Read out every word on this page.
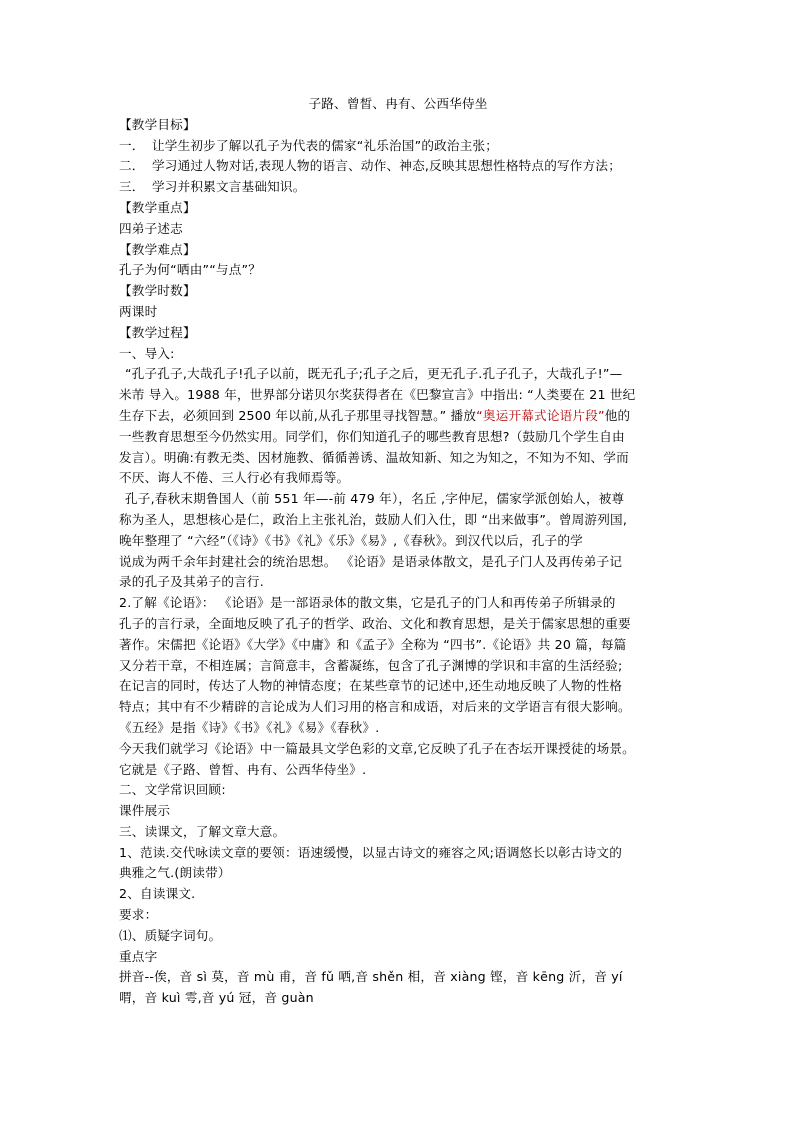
子路、曾皙、冉有、公西华侍坐
【教学目标】
一． 让学生初步了解以孔子为代表的儒家“礼乐治国”的政治主张；
二． 学习通过人物对话,表现人物的语言、动作、神态,反映其思想性格特点的写作方法；
三． 学习并积累文言基础知识。
【教学重点】
四弟子述志
【教学难点】
孔子为何“哂由”“与点”？
【教学时数】
两课时
【教学过程】
一、导入:
“孔子孔子,大哉孔子!孔子以前，既无孔子;孔子之后，更无孔子.孔子孔子，大哉孔子!”—
米芾 导入。1988 年，世界部分诺贝尔奖获得者在《巴黎宣言》中指出: “人类要在 21 世纪
生存下去，必须回到 2500 年以前,从孔子那里寻找智慧。” 播放“奥运开幕式论语片段”他的
一些教育思想至今仍然实用。同学们，你们知道孔子的哪些教育思想?（鼓励几个学生自由
发言）。明确:有教无类、因材施教、循循善诱、温故知新、知之为知之，不知为不知、学而
不厌、诲人不倦、三人行必有我师焉等。
孔子,春秋末期鲁国人（前 551 年—-前 479 年），名丘 ,字仲尼，儒家学派创始人，被尊
称为圣人，思想核心是仁，政治上主张礼治，鼓励人们入仕，即 “出来做事”。曾周游列国,
晚年整理了 “六经”（《诗》《书》《礼》《乐》《易》,《春秋》。到汉代以后，孔子的学
说成为两千余年封建社会的统治思想。 《论语》是语录体散文，是孔子门人及再传弟子记
录的孔子及其弟子的言行.
2.了解《论语》： 《论语》是一部语录体的散文集，它是孔子的门人和再传弟子所辑录的
孔子的言行录，全面地反映了孔子的哲学、政治、文化和教育思想，是关于儒家思想的重要
著作。宋儒把《论语》《大学》《中庸》和《孟子》全称为 “四书”.《论语》共 20 篇，每篇
又分若干章，不相连属；言简意丰，含蓄凝练，包含了孔子渊博的学识和丰富的生活经验;
在记言的同时，传达了人物的神情态度；在某些章节的记述中,还生动地反映了人物的性格
特点；其中有不少精辟的言论成为人们习用的格言和成语，对后来的文学语言有很大影响。
《五经》是指《诗》《书》《礼》《易》《春秋》.
今天我们就学习《论语》中一篇最具文学色彩的文章,它反映了孔子在杏坛开课授徒的场景。
它就是《子路、曾皙、冉有、公西华侍坐》.
二、文学常识回顾:
课件展示
三、读课文，了解文章大意。
1、范读.交代咏读文章的要领：语速缓慢，以显古诗文的雍容之风;语调悠长以彰古诗文的
典雅之气.(朗读带）
2、自读课文.
要求：
⑴、质疑字词句。
重点字
拼音--俟，音 sì 莫，音 mù 甫，音 fǔ 哂,音 shěn 相，音 xiàng 铿，音 kēng 沂，音 yí
喟，音 kuì 雩,音 yú 冠，音 guàn
